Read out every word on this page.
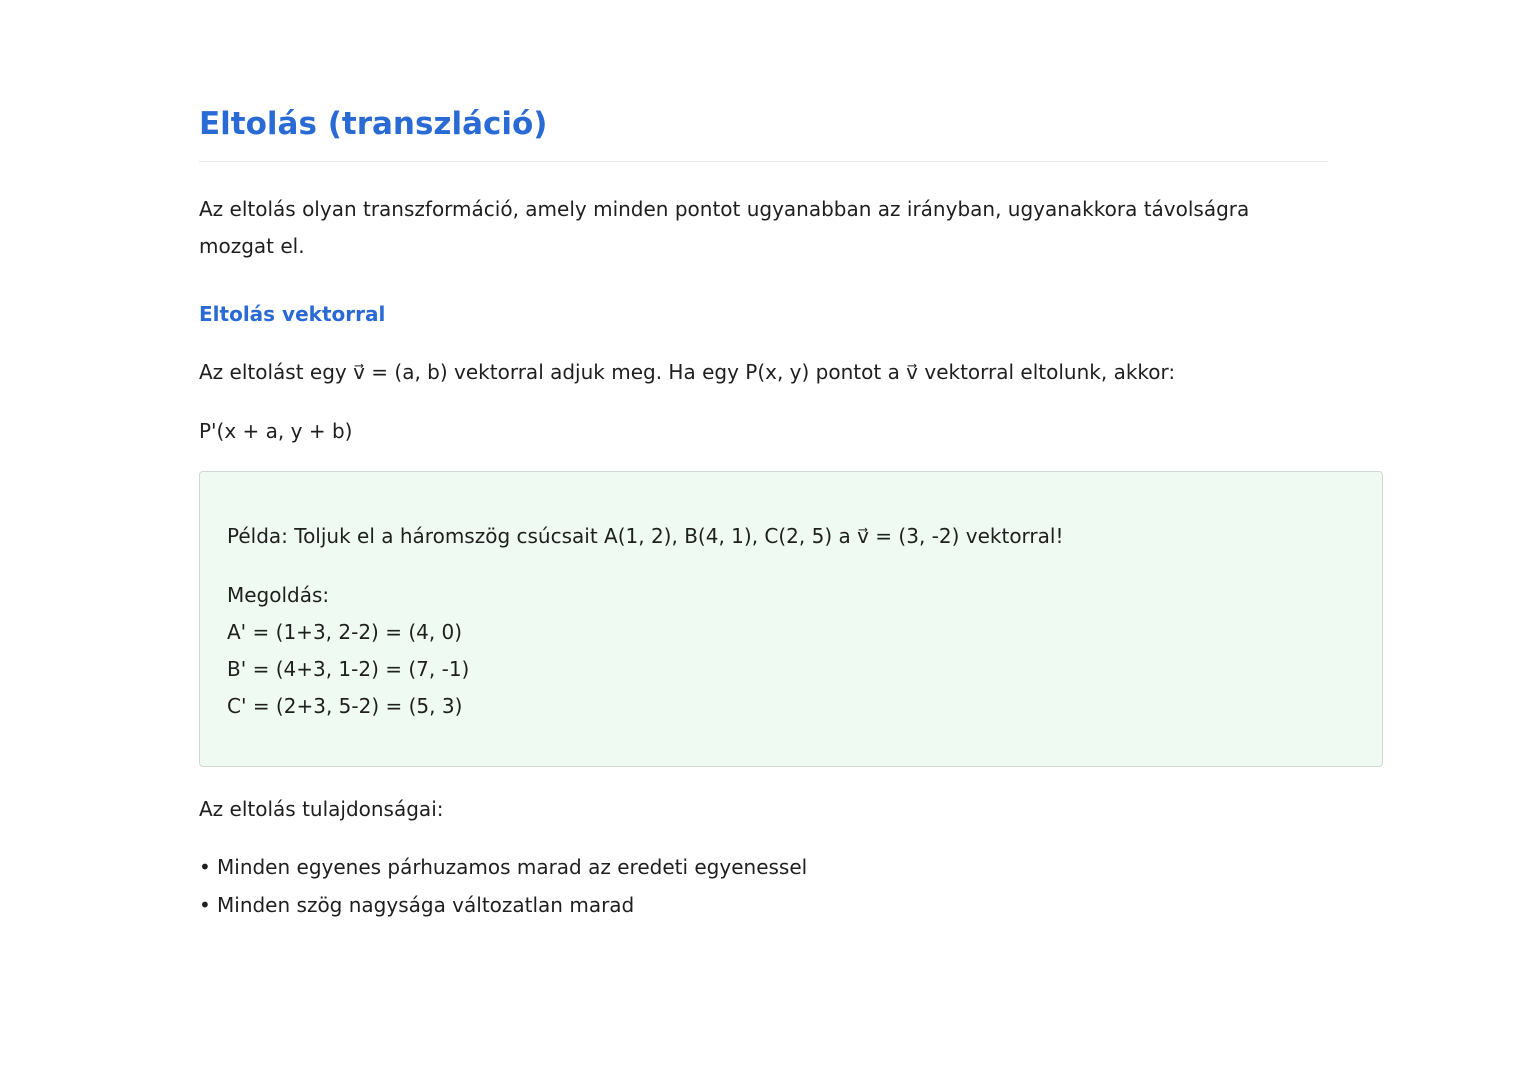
Eltolás (transzláció)

Az eltolás olyan transzformáció, amely minden pontot ugyanabban az irányban, ugyanakkora távolságra mozgat el.

Eltolás vektorral

Az eltolást egy v⃗ = (a, b) vektorral adjuk meg. Ha egy P(x, y) pontot a v⃗ vektorral eltolunk, akkor:

P'(x + a, y + b)

Példa: Toljuk el a háromszög csúcsait A(1, 2), B(4, 1), C(2, 5) a v⃗ = (3, -2) vektorral!

Megoldás:

A' = (1+3, 2-2) = (4, 0)

B' = (4+3, 1-2) = (7, -1)

C' = (2+3, 5-2) = (5, 3)

Az eltolás tulajdonságai:

• Minden egyenes párhuzamos marad az eredeti egyenessel
• Minden szög nagysága változatlan marad
